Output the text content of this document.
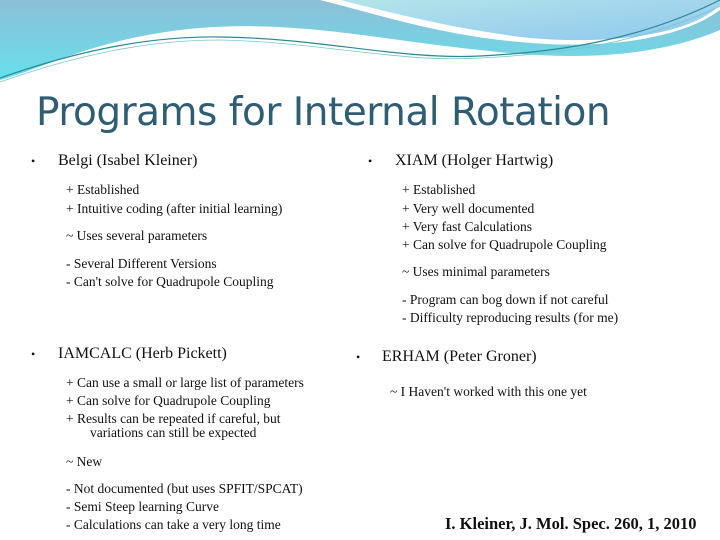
Programs for Internal Rotation
• Belgi (Isabel Kleiner)
+ Established
+ Intuitive coding (after initial learning)
~ Uses several parameters
- Several Different Versions
- Can't solve for Quadrupole Coupling
• XIAM (Holger Hartwig)
+ Established
+ Very well documented
+ Very fast Calculations
+ Can solve for Quadrupole Coupling
~ Uses minimal parameters
- Program can bog down if not careful
- Difficulty reproducing results (for me)
• IAMCALC (Herb Pickett)
+ Can use a small or large list of parameters
+ Can solve for Quadrupole Coupling
+ Results can be repeated if careful, but
variations can still be expected
~ New
- Not documented (but uses SPFIT/SPCAT)
- Semi Steep learning Curve
- Calculations can take a very long time
• ERHAM (Peter Groner)
~ I Haven't worked with this one yet
I. Kleiner, J. Mol. Spec. 260, 1, 2010
